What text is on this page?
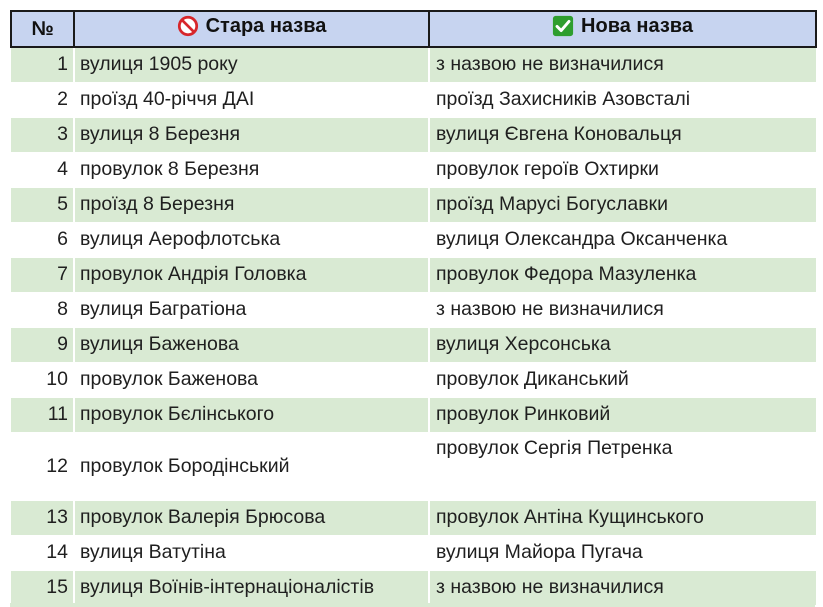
№	Стара назва	Нова назва

1	вулиця 1905 року	з назвою не визначилися
2	проїзд 40-річчя ДАІ	проїзд Захисників Азовсталі
3	вулиця 8 Березня	вулиця Євгена Коновальця
4	провулок 8 Березня	провулок героїв Охтирки
5	проїзд 8 Березня	проїзд Марусі Богуславки
6	вулиця Аерофлотська	вулиця Олександра Оксанченка
7	провулок Андрія Головка	провулок Федора Мазуленка
8	вулиця Багратіона	з назвою не визначилися
9	вулиця Баженова	вулиця Херсонська
10	провулок Баженова	провулок Диканський
11	провулок Бєлінського	провулок Ринковий
12	провулок Бородінський	провулок Сергія Петренка
13	провулок Валерія Брюсова	провулок Антіна Кущинського
14	вулиця Ватутіна	вулиця Майора Пугача
15	вулиця Воїнів-інтернаціоналістів	з назвою не визначилися
